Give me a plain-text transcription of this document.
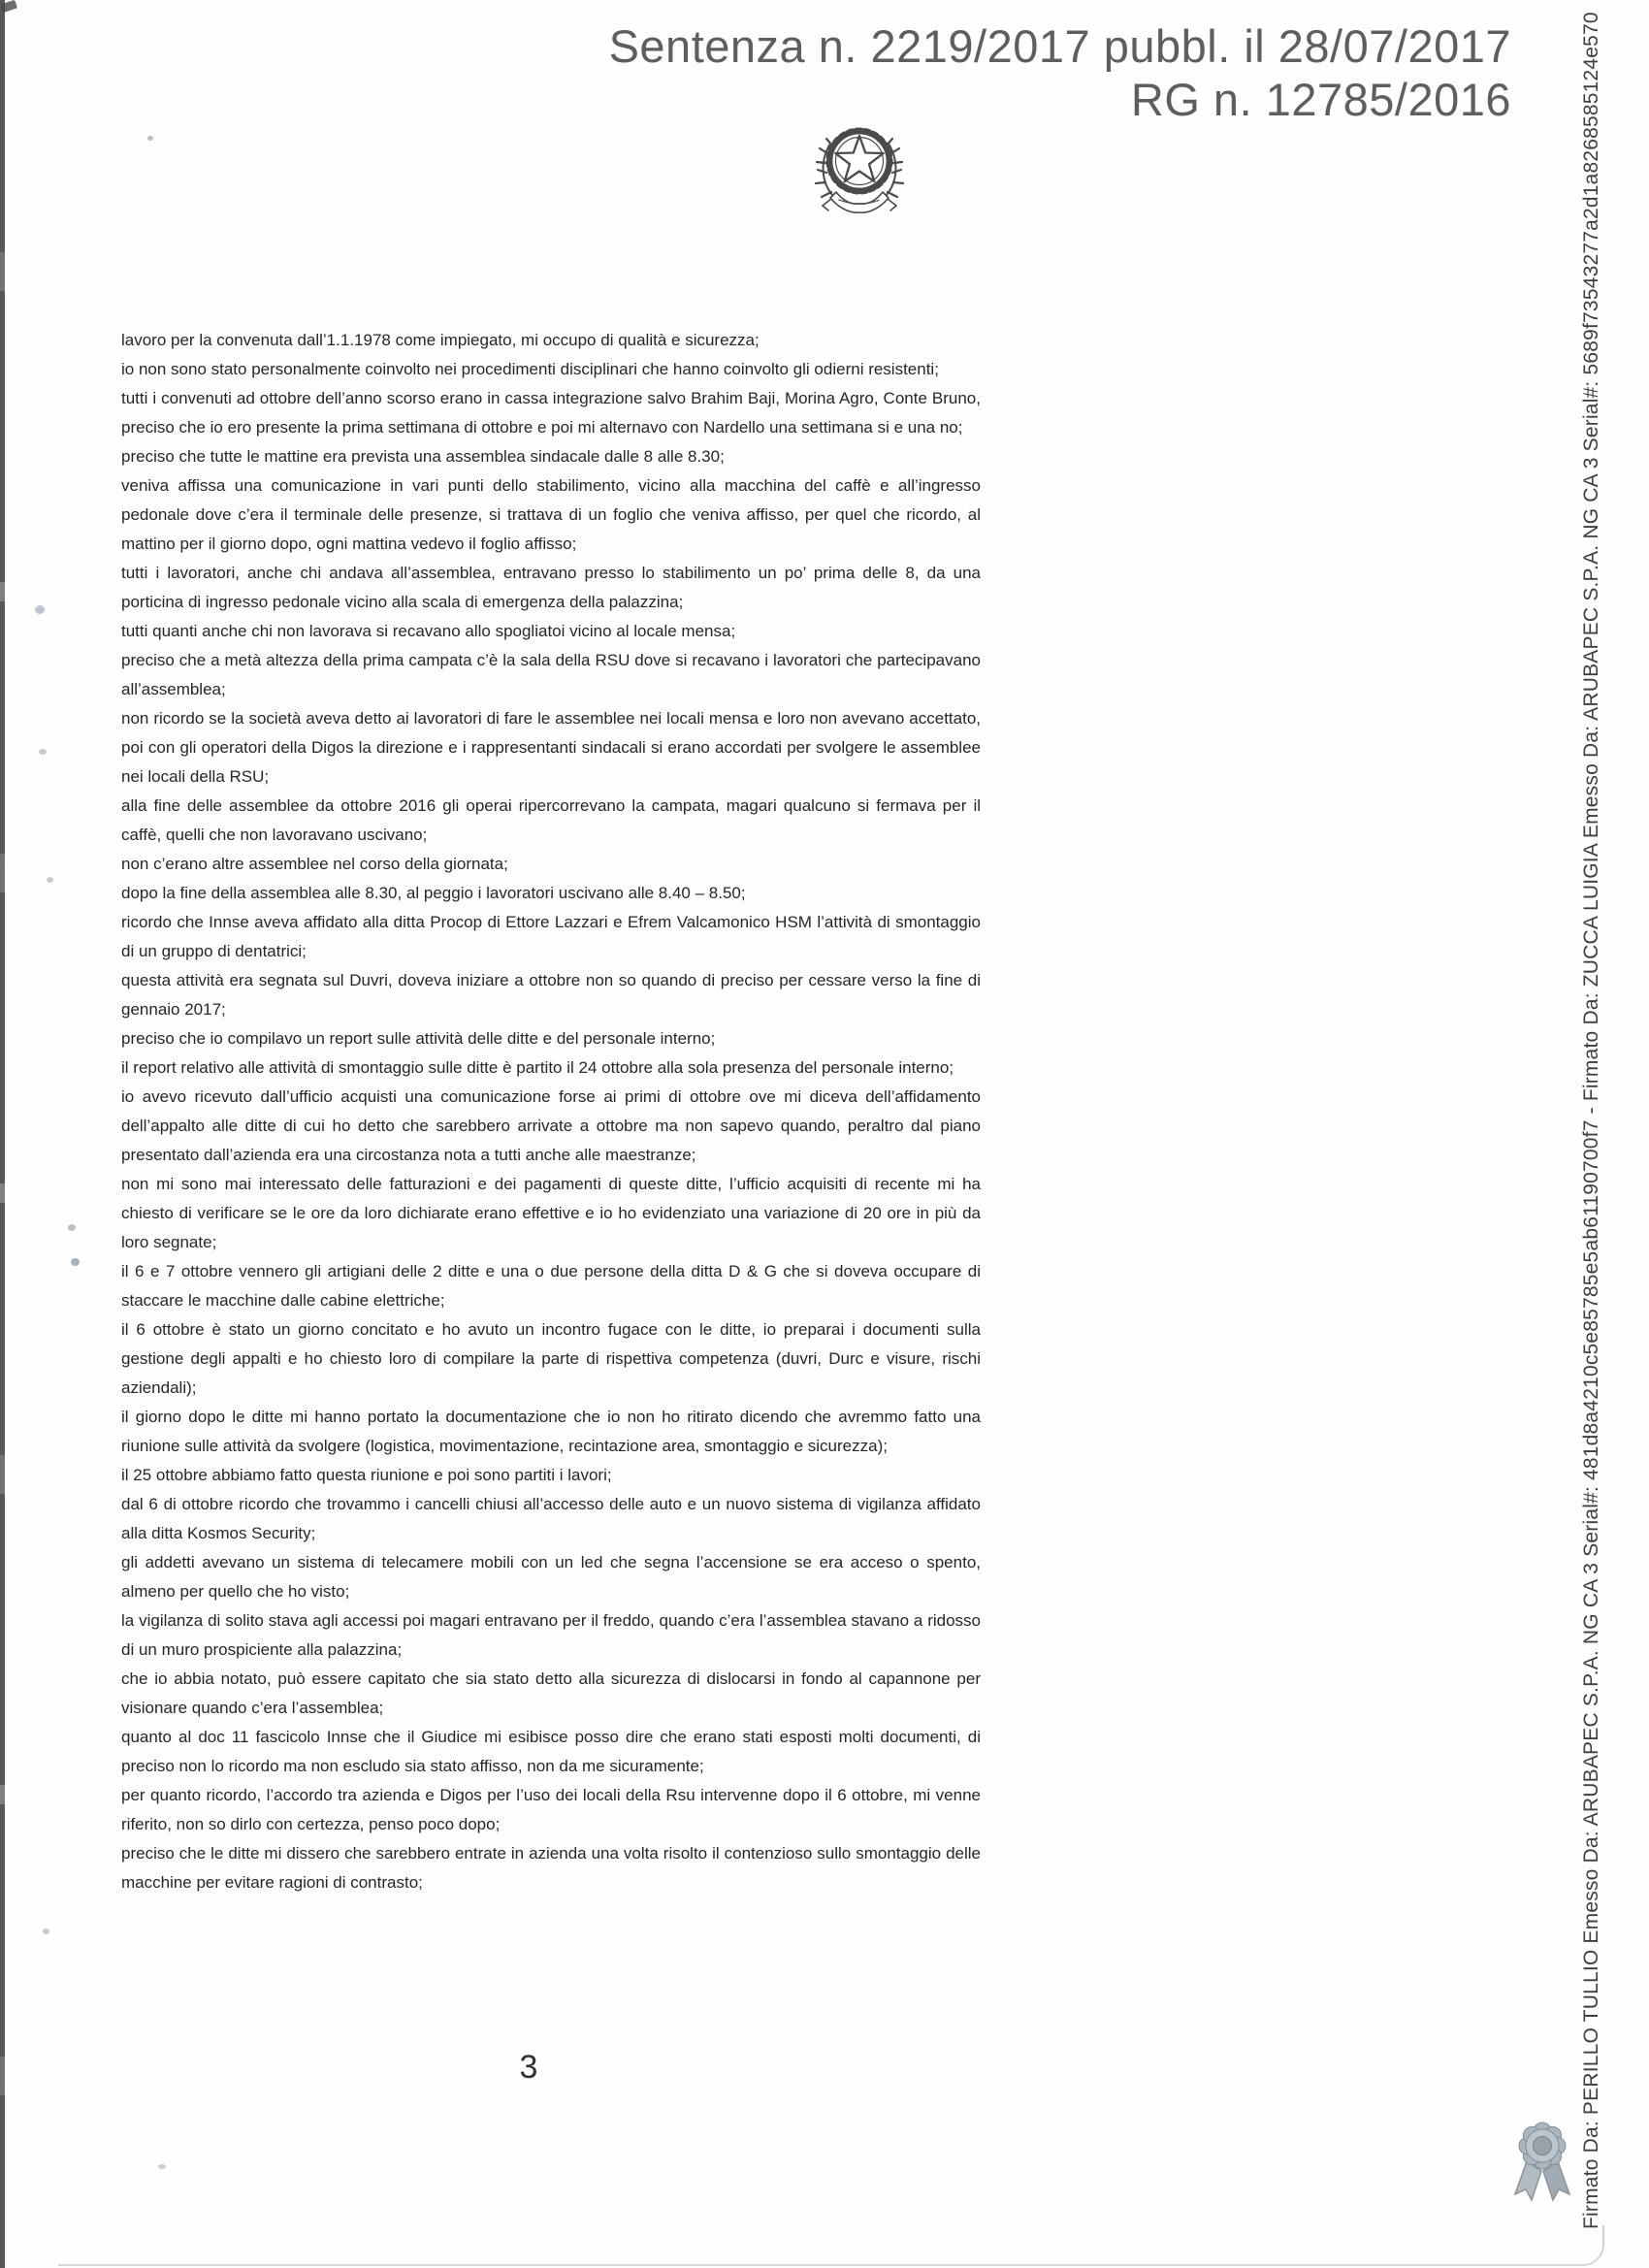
Sentenza n. 2219/2017 pubbl. il 28/07/2017
RG n. 12785/2016

lavoro per la convenuta dall’1.1.1978 come impiegato, mi occupo di qualità e sicurezza;

io non sono stato personalmente coinvolto nei procedimenti disciplinari che hanno coinvolto gli odierni resistenti;

tutti i convenuti ad ottobre dell’anno scorso erano in cassa integrazione salvo Brahim Baji, Morina Agro, Conte Bruno, preciso che io ero presente la prima settimana di ottobre e poi mi alternavo con Nardello una settimana si e una no;

preciso che tutte le mattine era prevista una assemblea sindacale dalle 8 alle 8.30;

veniva affissa una comunicazione in vari punti dello stabilimento, vicino alla macchina del caffè e all’ingresso pedonale dove c’era il terminale delle presenze, si trattava di un foglio che veniva affisso, per quel che ricordo, al mattino per il giorno dopo, ogni mattina vedevo il foglio affisso;

tutti i lavoratori, anche chi andava all’assemblea, entravano presso lo stabilimento un po’ prima delle 8, da una porticina di ingresso pedonale vicino alla scala di emergenza della palazzina;

tutti quanti anche chi non lavorava si recavano allo spogliatoi vicino al locale mensa;

preciso che a metà altezza della prima campata c’è la sala della RSU dove si recavano i lavoratori che partecipavano all’assemblea;

non ricordo se la società aveva detto ai lavoratori di fare le assemblee nei locali mensa e loro non avevano accettato, poi con gli operatori della Digos la direzione e i rappresentanti sindacali si erano accordati per svolgere le assemblee nei locali della RSU;

alla fine delle assemblee da ottobre 2016 gli operai ripercorrevano la campata, magari qualcuno si fermava per il caffè, quelli che non lavoravano uscivano;

non c’erano altre assemblee nel corso della giornata;

dopo la fine della assemblea alle 8.30, al peggio i lavoratori uscivano alle 8.40 – 8.50;

ricordo che Innse aveva affidato alla ditta Procop di Ettore Lazzari e Efrem Valcamonico HSM l’attività di smontaggio di un gruppo di dentatrici;

questa attività era segnata sul Duvri, doveva iniziare a ottobre non so quando di preciso per cessare verso la fine di gennaio 2017;

preciso che io compilavo un report sulle attività delle ditte e del personale interno;

il report relativo alle attività di smontaggio sulle ditte è partito il 24 ottobre alla sola presenza del personale interno;

io avevo ricevuto dall’ufficio acquisti una comunicazione forse ai primi di ottobre ove mi diceva dell’affidamento dell’appalto alle ditte di cui ho detto che sarebbero arrivate a ottobre ma non sapevo quando, peraltro dal piano presentato dall’azienda era una circostanza nota a tutti anche alle maestranze;

non mi sono mai interessato delle fatturazioni e dei pagamenti di queste ditte, l’ufficio acquisiti di recente mi ha chiesto di verificare se le ore da loro dichiarate erano effettive e io ho evidenziato una variazione di 20 ore in più da loro segnate;

il 6 e 7 ottobre vennero gli artigiani delle 2 ditte e una o due persone della ditta D & G che si doveva occupare di staccare le macchine dalle cabine elettriche;

il 6 ottobre è stato un giorno concitato e ho avuto un incontro fugace con le ditte, io preparai i documenti sulla gestione degli appalti e ho chiesto loro di compilare la parte di rispettiva competenza (duvri, Durc e visure, rischi aziendali);

il giorno dopo le ditte mi hanno portato la documentazione che io non ho ritirato dicendo che avremmo fatto una riunione sulle attività da svolgere (logistica, movimentazione, recintazione area, smontaggio e sicurezza);

il 25 ottobre abbiamo fatto questa riunione e poi sono partiti i lavori;

dal 6 di ottobre ricordo che trovammo i cancelli chiusi all’accesso delle auto e un nuovo sistema di vigilanza affidato alla ditta Kosmos Security;

gli addetti avevano un sistema di telecamere mobili con un led che segna l’accensione se era acceso o spento, almeno per quello che ho visto;

la vigilanza di solito stava agli accessi poi magari entravano per il freddo, quando c’era l’assemblea stavano a ridosso di un muro prospiciente alla palazzina;

che io abbia notato, può essere capitato che sia stato detto alla sicurezza di dislocarsi in fondo al capannone per visionare quando c’era l’assemblea;

quanto al doc 11 fascicolo Innse che il Giudice mi esibisce posso dire che erano stati esposti molti documenti, di preciso non lo ricordo ma non escludo sia stato affisso, non da me sicuramente;

per quanto ricordo, l’accordo tra azienda e Digos per l’uso dei locali della Rsu intervenne dopo il 6 ottobre, mi venne riferito, non so dirlo con certezza, penso poco dopo;

preciso che le ditte mi dissero che sarebbero entrate in azienda una volta risolto il contenzioso sullo smontaggio delle macchine per evitare ragioni di contrasto;

3	Firmato Da: PERILLO TULLIO Emesso Da: ARUBAPEC S.P.A. NG CA 3 Serial#: 481d8a4210c5e85785e5ab61190700f7 - Firmato Da: ZUCCA LUIGIA Emesso Da: ARUBAPEC S.P.A. NG CA 3 Serial#: 5689f73543277a2d1a8268585124e570
